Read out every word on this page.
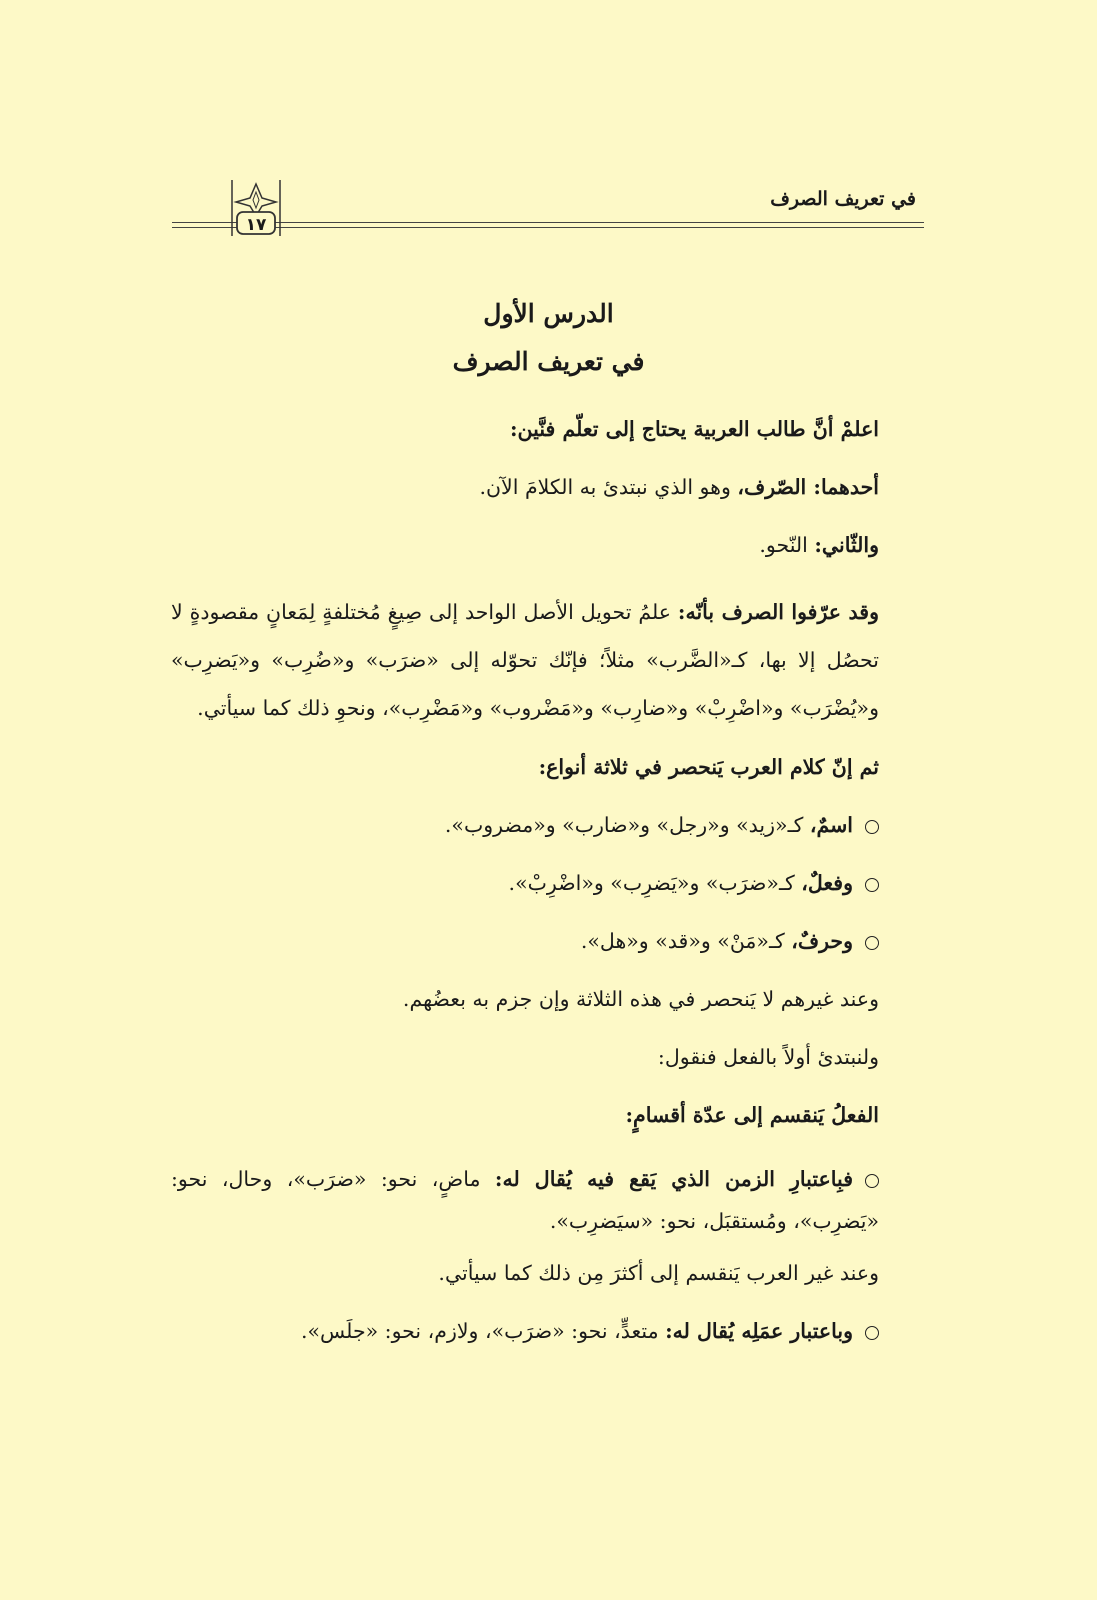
في تعريف الصرف
١٧
الدرس الأول
في تعريف الصرف

اعلمْ أنَّ طالب العربية يحتاج إلى تعلّم فنَّين:

أحدهما: الصّرف، وهو الذي نبتدئ به الكلامَ الآن.

والثّاني: النّحو.

وقد عرّفوا الصرف بأنّه: علمُ تحويل الأصل الواحد إلى صِيغٍ مُختلفةٍ لِمَعانٍ مقصودةٍ لا تحصُل إلا بها، كـ«الضَّرب» مثلاً؛ فإنّك تحوّله إلى «ضرَب» و«ضُرِب» و«يَضرِب» و«يُضْرَب» و«اضْرِبْ» و«ضارِب» و«مَضْروب» و«مَضْرِب»، ونحوِ ذلك كما سيأتي.

ثم إنّ كلام العرب يَنحصر في ثلاثة أنواع:

اسمٌ، كـ«زيد» و«رجل» و«ضارب» و«مضروب».

وفعلٌ، كـ«ضرَب» و«يَضرِب» و«اضْرِبْ».

وحرفٌ، كـ«مَنْ» و«قد» و«هل».

وعند غيرهم لا يَنحصر في هذه الثلاثة وإن جزم به بعضُهم.

ولنبتدئ أولاً بالفعل فنقول:

الفعلُ يَنقسم إلى عدّة أقسامٍ:

فبِاعتبارِ الزمن الذي يَقع فيه يُقال له: ماضٍ، نحو: «ضرَب»، وحال، نحو: «يَضرِب»، ومُستقبَل، نحو: «سيَضرِب».

وعند غير العرب يَنقسم إلى أكثرَ مِن ذلك كما سيأتي.

وباعتبار عمَلِه يُقال له: متعدٍّ، نحو: «ضرَب»، ولازم، نحو: «جلَس».
